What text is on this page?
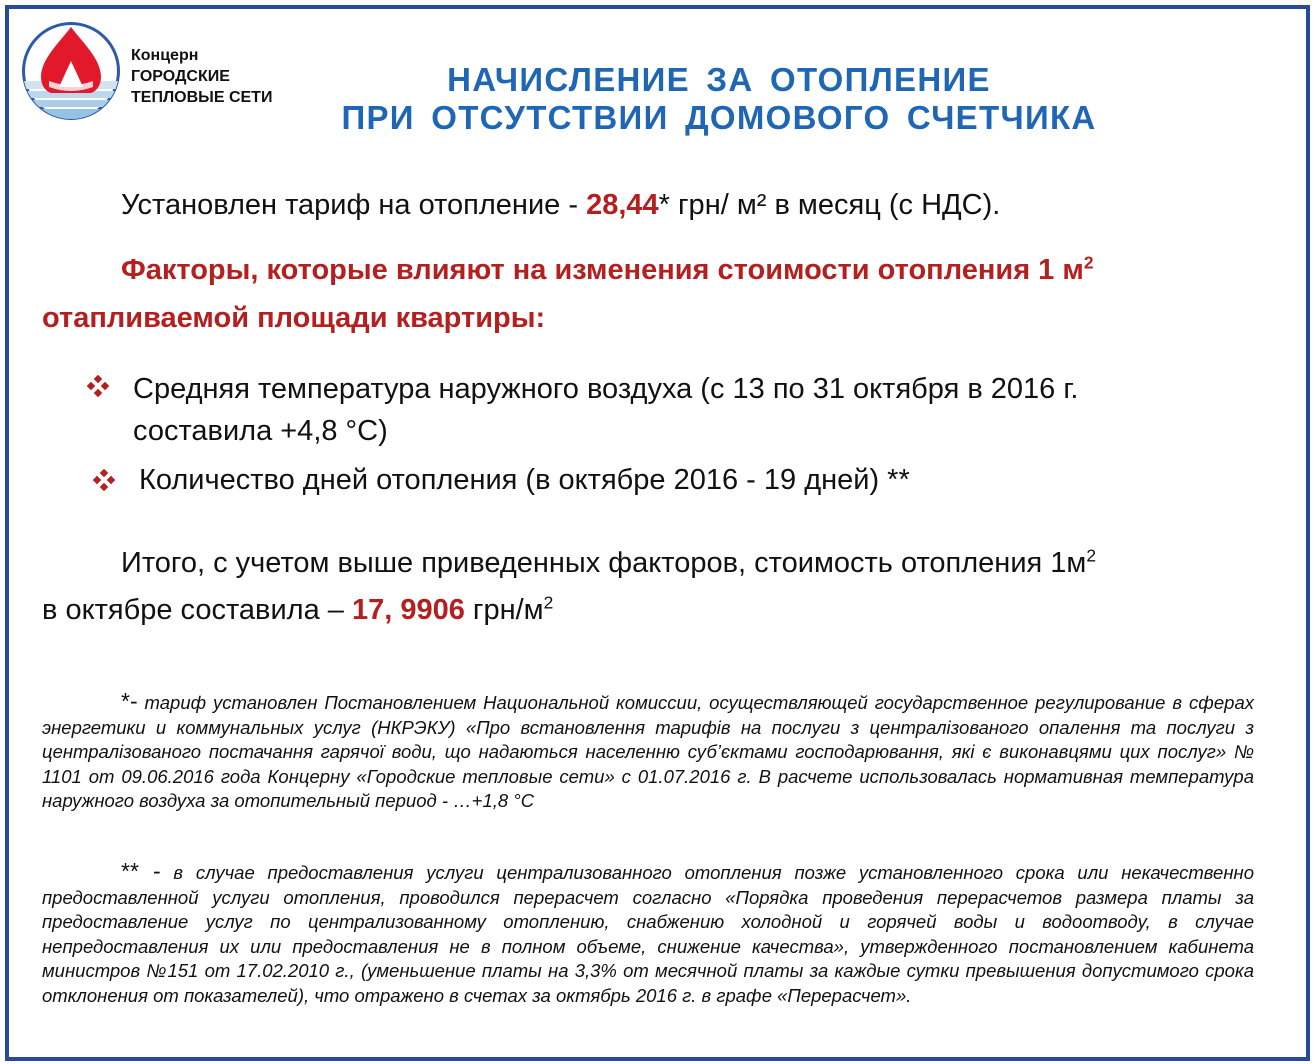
Концерн
ГОРОДСКИЕ
ТЕПЛОВЫЕ СЕТИ	НАЧИСЛЕНИЕ ЗА ОТОПЛЕНИЕ
ПРИ ОТСУТСТВИИ ДОМОВОГО СЧЕТЧИКА
Установлен тариф на отопление - 28,44* грн/ м² в месяц (с НДС).
Факторы, которые влияют на изменения стоимости отопления 1 $м^2$
отапливаемой площади квартиры:
Средняя температура наружного воздуха (с 13 по 31 октября в 2016 г.
составила +4,8 °С)
Количество дней отопления (в октябре 2016 - 19 дней) **
Итого, с учетом выше приведенных факторов, стоимость отопления $1м^2$
в октябре составила – 17, 9906 грн/$м^2$
*- тариф установлен Постановлением Национальной комиссии, осуществляющей государственное регулирование в сферах энергетики и коммунальных услуг (НКРЭКУ) «Про встановлення тарифів на послуги з централізованого опалення та послуги з централізованого постачання гарячої води, що надаються населенню суб’єктами господарювання, які є виконавцями цих послуг» № 1101 от 09.06.2016 года Концерну «Городские тепловые сети» с 01.07.2016 г. В расчете использовалась нормативная температура наружного воздуха за отопительный период - …+1,8 °С
** - в случае предоставления услуги централизованного отопления позже установленного срока или некачественно предоставленной услуги отопления, проводился перерасчет согласно «Порядка проведения перерасчетов размера платы за предоставление услуг по централизованному отоплению, снабжению холодной и горячей воды и водоотводу, в случае непредоставления их или предоставления не в полном объеме, снижение качества», утвержденного постановлением кабинета министров №151 от 17.02.2010 г., (уменьшение платы на 3,3% от месячной платы за каждые сутки превышения допустимого срока отклонения от показателей), что отражено в счетах за октябрь 2016 г. в графе «Перерасчет».
